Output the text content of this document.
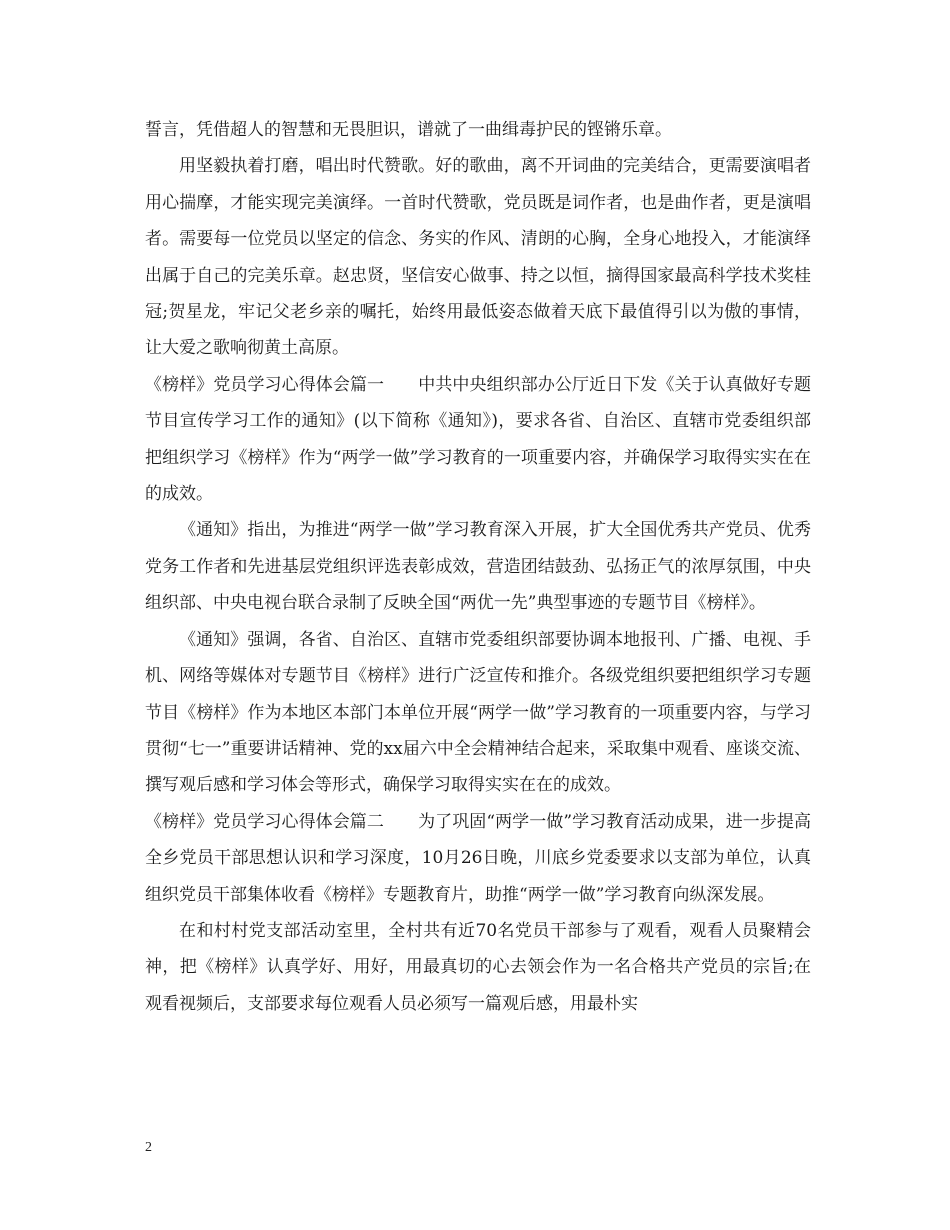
誓言，凭借超人的智慧和无畏胆识，谱就了一曲缉毒护民的铿锵乐章。

用坚毅执着打磨，唱出时代赞歌。好的歌曲，离不开词曲的完美结合，更需要演唱者用心揣摩，才能实现完美演绎。一首时代赞歌，党员既是词作者，也是曲作者，更是演唱者。需要每一位党员以坚定的信念、务实的作风、清朗的心胸，全身心地投入，才能演绎出属于自己的完美乐章。赵忠贤，坚信安心做事、持之以恒，摘得国家最高科学技术奖桂冠;贺星龙，牢记父老乡亲的嘱托，始终用最低姿态做着天底下最值得引以为傲的事情，让大爱之歌响彻黄土高原。

《榜样》党员学习心得体会篇一　　中共中央组织部办公厅近日下发《关于认真做好专题节目宣传学习工作的通知》(以下简称《通知》)，要求各省、自治区、直辖市党委组织部把组织学习《榜样》作为“两学一做”学习教育的一项重要内容，并确保学习取得实实在在的成效。

《通知》指出，为推进“两学一做”学习教育深入开展，扩大全国优秀共产党员、优秀党务工作者和先进基层党组织评选表彰成效，营造团结鼓劲、弘扬正气的浓厚氛围，中央组织部、中央电视台联合录制了反映全国“两优一先”典型事迹的专题节目《榜样》。

《通知》强调，各省、自治区、直辖市党委组织部要协调本地报刊、广播、电视、手机、网络等媒体对专题节目《榜样》进行广泛宣传和推介。各级党组织要把组织学习专题节目《榜样》作为本地区本部门本单位开展“两学一做”学习教育的一项重要内容，与学习贯彻“七一”重要讲话精神、党的xx届六中全会精神结合起来，采取集中观看、座谈交流、撰写观后感和学习体会等形式，确保学习取得实实在在的成效。

《榜样》党员学习心得体会篇二　　为了巩固“两学一做”学习教育活动成果，进一步提高全乡党员干部思想认识和学习深度，10月26日晚，川底乡党委要求以支部为单位，认真组织党员干部集体收看《榜样》专题教育片，助推“两学一做”学习教育向纵深发展。

在和村村党支部活动室里，全村共有近70名党员干部参与了观看，观看人员聚精会神，把《榜样》认真学好、用好，用最真切的心去领会作为一名合格共产党员的宗旨;在观看视频后，支部要求每位观看人员必须写一篇观后感，用最朴实

2
